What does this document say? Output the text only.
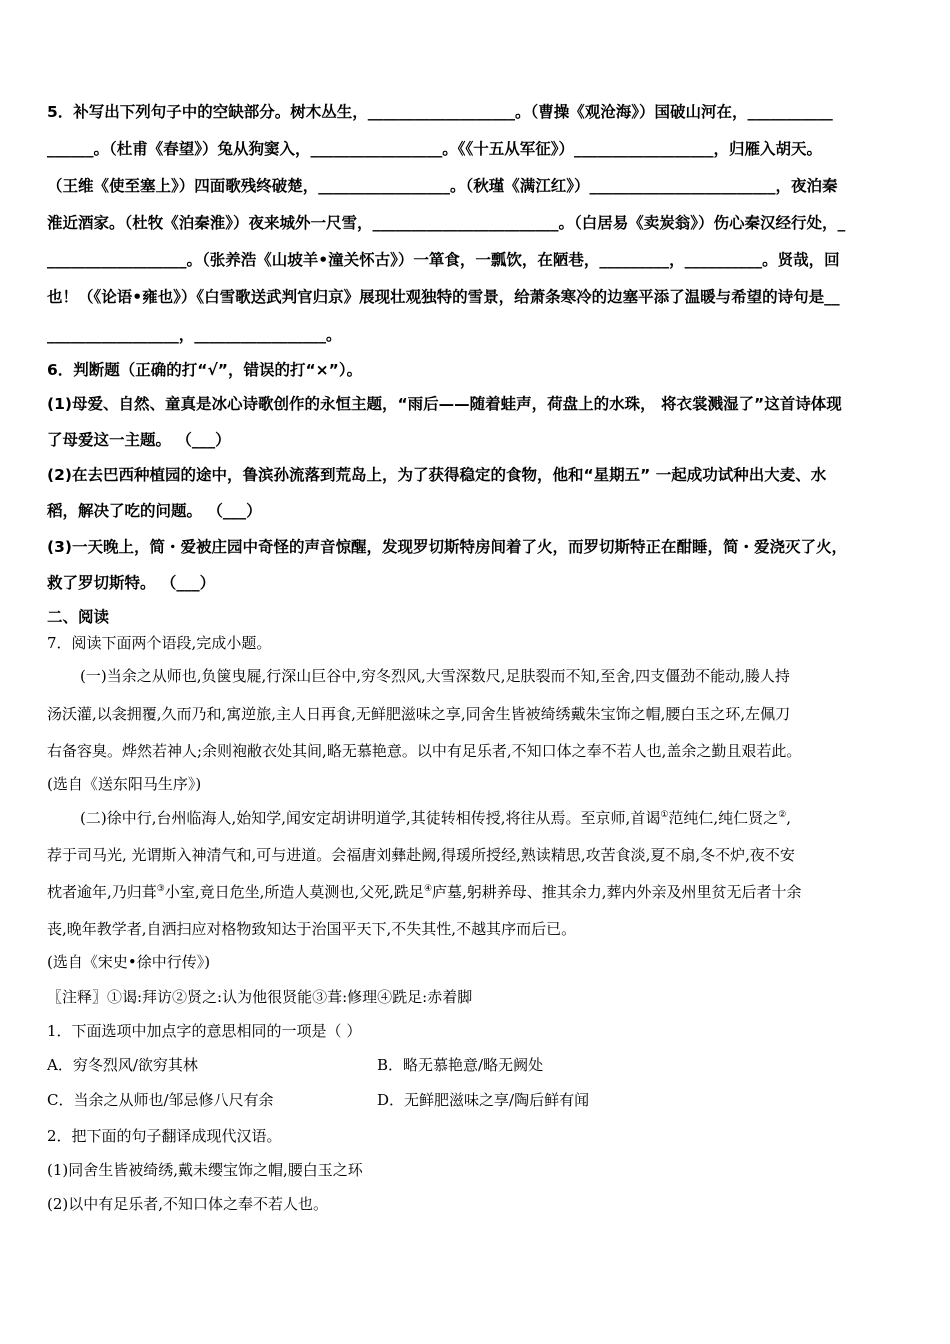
5．补写出下列句子中的空缺部分。树木丛生，___________________。（曹操《观沧海》）国破山河在，___________
______。（杜甫《春望》）兔从狗窦入，_________________。《《十五从军征》）__________________，归雁入胡天。
（王维《使至塞上》）四面歌残终破楚，_________________。（秋瑾《满江红》）________________________，夜泊秦
淮近酒家。（杜牧《泊秦淮》）夜来城外一尺雪，________________________。（白居易《卖炭翁》）伤心秦汉经行处，_
__________________。（张养浩《山坡羊•潼关怀古》）一箪食，一瓢饮，在陋巷，_________，__________。贤哉，回
也！（《论语•雍也》）《白雪歌送武判官归京》展现壮观独特的雪景，给萧条寒冷的边塞平添了温暖与希望的诗句是__
_________________，_________________。
6．判断题（正确的打“√”，错误的打“×”）。
(1)母爱、自然、童真是冰心诗歌创作的永恒主题，“雨后——随着蛙声，荷盘上的水珠， 将衣裳溅湿了”这首诗体现
了母爱这一主题。 （___）
(2)在去巴西种植园的途中，鲁滨孙流落到荒岛上，为了获得稳定的食物，他和“星期五” 一起成功试种出大麦、水
稻，解决了吃的问题。 （___）
(3)一天晚上，简・爱被庄园中奇怪的声音惊醒，发现罗切斯特房间着了火，而罗切斯特正在酣睡，简・爱浇灭了火，
救了罗切斯特。 （___）
二、阅读
7．阅读下面两个语段,完成小题。
(一)当余之从师也,负箧曳屣,行深山巨谷中,穷冬烈风,大雪深数尺,足肤裂而不知,至舍,四支僵劲不能动,媵人持
汤沃灌,以衾拥覆,久而乃和,寓逆旅,主人日再食,无鲜肥滋味之享,同舍生皆被绮绣戴朱宝饰之帽,腰白玉之环,左佩刀
右备容臭。烨然若神人;余则袍敝衣处其间,略无慕艳意。以中有足乐者,不知口体之奉不若人也,盖余之勤且艰若此。
(选自《送东阳马生序》)
(二)徐中行,台州临海人,始知学,闻安定胡讲明道学,其徒转相传授,将往从焉。至京师,首谒①范纯仁,纯仁贤之②,
荐于司马光, 光谓斯入神清气和,可与进道。会福唐刘彝赴阙,得瑗所授经,熟读精思,攻苦食淡,夏不扇,冬不炉,夜不安
枕者逾年,乃归葺③小室,竟日危坐,所造人莫测也,父死,跣足④庐墓,躬耕养母、推其余力,葬内外亲及州里贫无后者十余
丧,晚年教学者,自洒扫应对格物致知达于治国平天下,不失其性,不越其序而后已。
(选自《宋史•徐中行传》)
〖注释〗①谒:拜访②贤之:认为他很贤能③葺:修理④跣足:赤着脚
1．下面选项中加点字的意思相同的一项是（ ）
A．穷冬烈风/欲穷其林	B．略无慕艳意/略无阙处
C．当余之从师也/邹忌修八尺有余	D．无鲜肥滋味之享/陶后鲜有闻
2．把下面的句子翻译成现代汉语。
(1)同舍生皆被绮绣,戴未缨宝饰之帽,腰白玉之环
(2)以中有足乐者,不知口体之奉不若人也。
